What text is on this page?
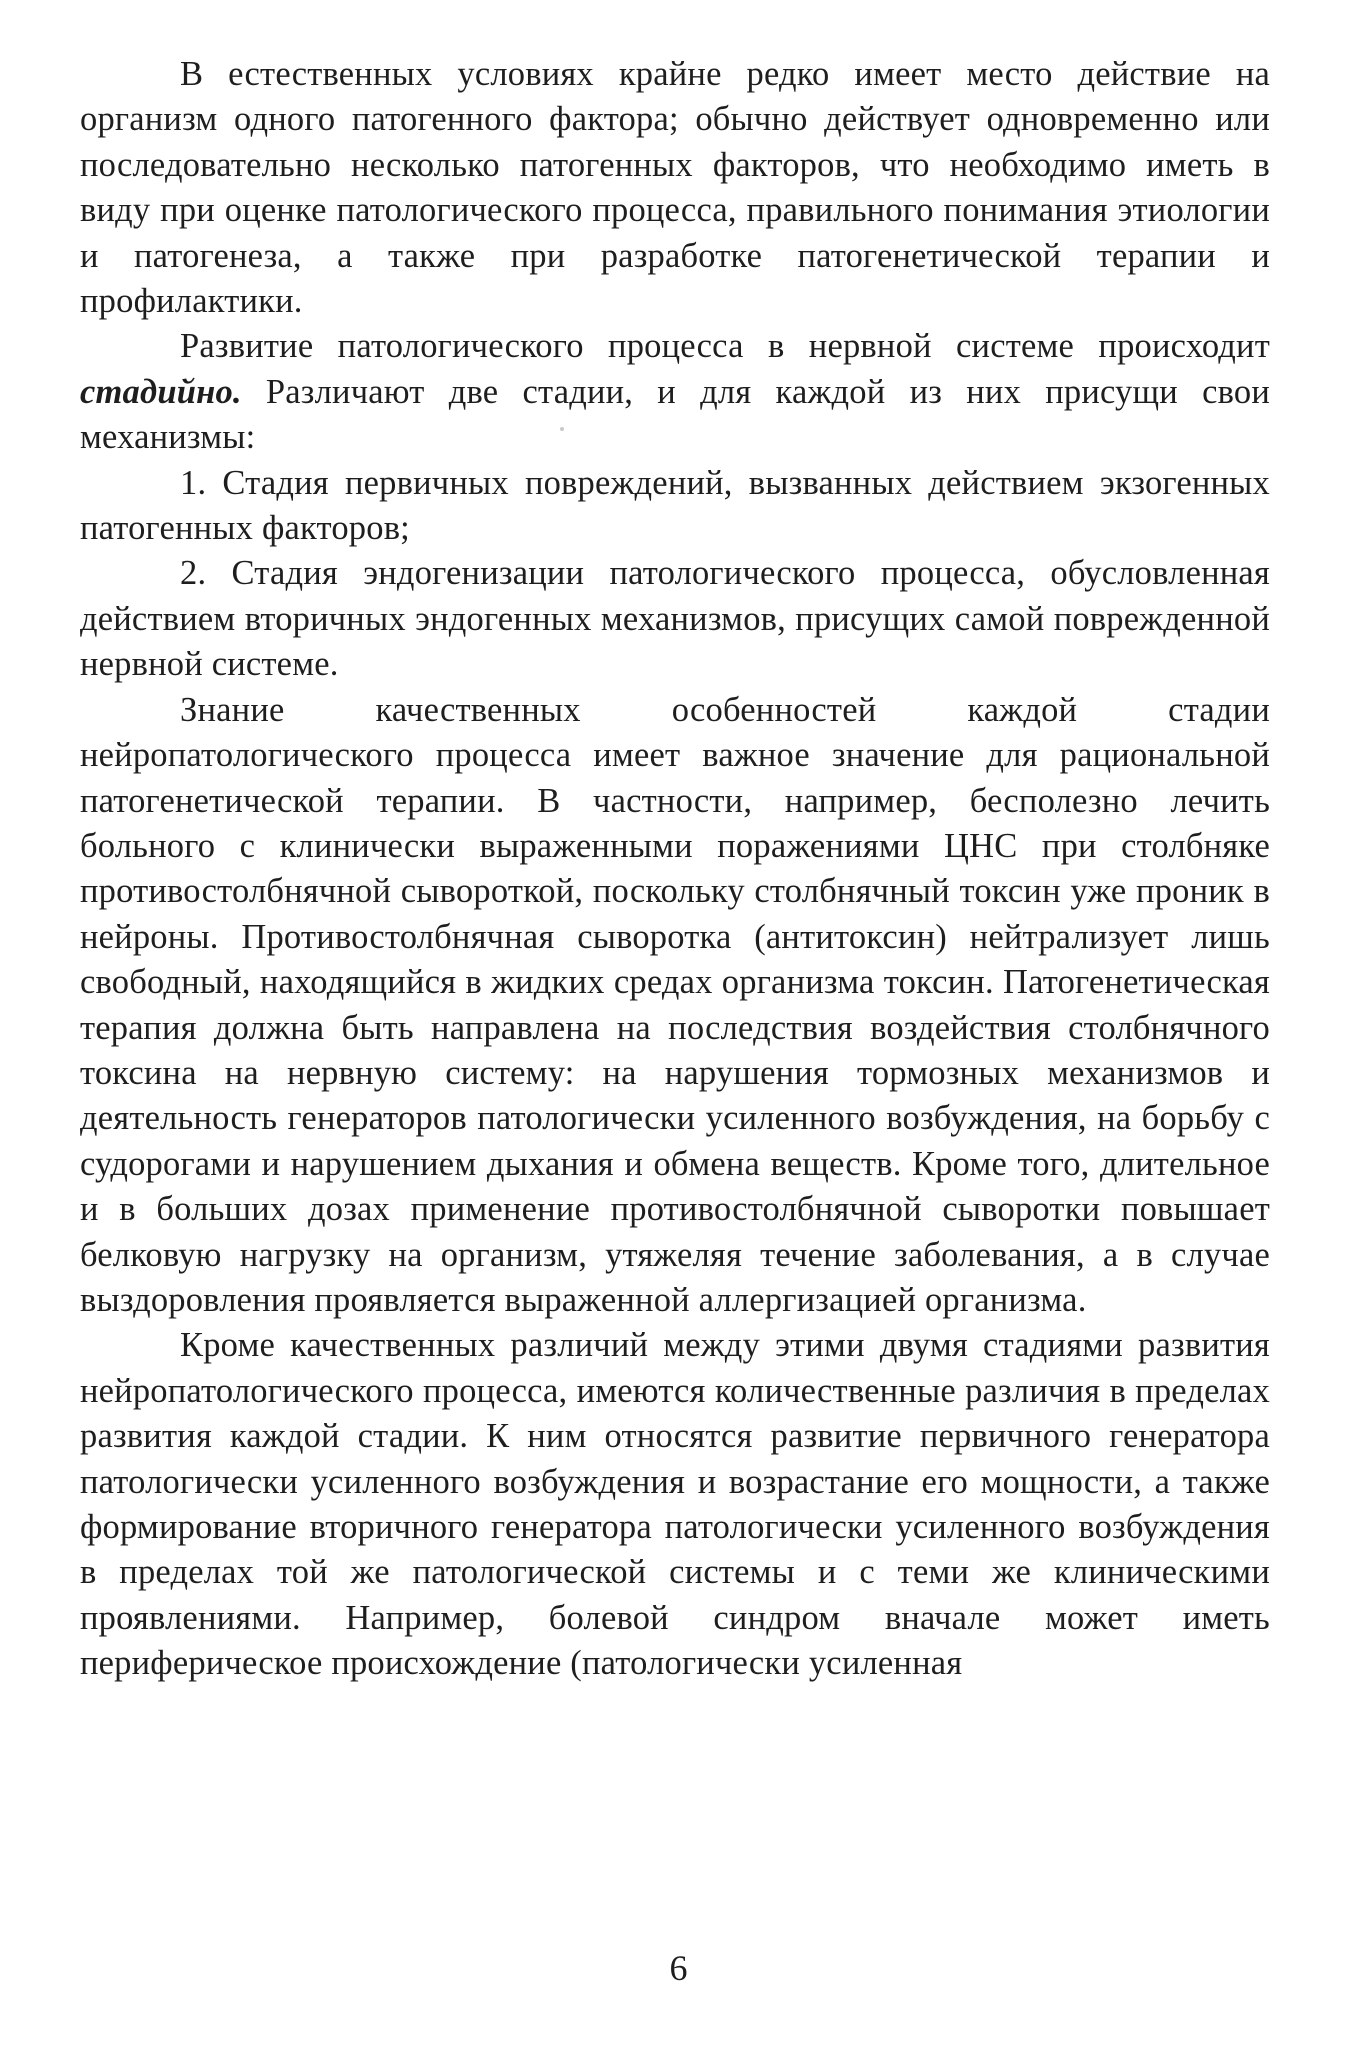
В естественных условиях крайне редко имеет место действие на организм одного патогенного фактора; обычно действует одновременно или последовательно несколько патогенных факторов, что необходимо иметь в виду при оценке патологического процесса, правильного понимания этиологии и патогенеза, а также при разработке патогенетической терапии и профилактики.

Развитие патологического процесса в нервной системе происходит стадийно. Различают две стадии, и для каждой из них присущи свои механизмы:

1. Стадия первичных повреждений, вызванных действием экзогенных патогенных факторов;

2. Стадия эндогенизации патологического процесса, обусловленная действием вторичных эндогенных механизмов, присущих самой поврежденной нервной системе.

Знание качественных особенностей каждой стадии нейропатологического процесса имеет важное значение для рациональной патогенетической терапии. В частности, например, бесполезно лечить больного с клинически выраженными поражениями ЦНС при столбняке противостолбнячной сывороткой, поскольку столбнячный токсин уже проник в нейроны. Противостолбнячная сыворотка (антитоксин) нейтрализует лишь свободный, находящийся в жидких средах организма токсин. Патогенетическая терапия должна быть направлена на последствия воздействия столбнячного токсина на нервную систему: на нарушения тормозных механизмов и деятельность генераторов патологически усиленного возбуждения, на борьбу с судорогами и нарушением дыхания и обмена веществ. Кроме того, длительное и в больших дозах применение противостолбнячной сыворотки повышает белковую нагрузку на организм, утяжеляя течение заболевания, а в случае выздоровления проявляется выраженной аллергизацией организма.

Кроме качественных различий между этими двумя стадиями развития нейропатологического процесса, имеются количественные различия в пределах развития каждой стадии. К ним относятся развитие первичного генератора патологически усиленного возбуждения и возрастание его мощности, а также формирование вторичного генератора патологически усиленного возбуждения в пределах той же патологической системы и с теми же клиническими проявлениями. Например, болевой синдром вначале может иметь периферическое происхождение (патологически усиленная

6
